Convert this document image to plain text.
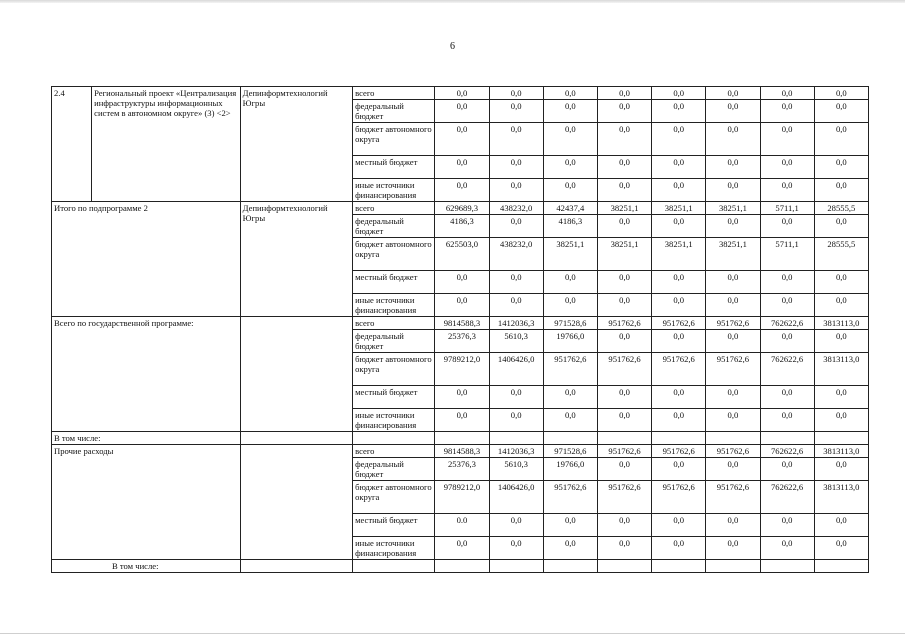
6
2.4	Региональный проект «Централизация инфраструктуры информационных систем в автономном округе» (3) <2>	Депинформтехнологий Югры	всего	0,0	0,0	0,0	0,0	0,0	0,0	0,0	0,0
			федеральный бюджет	0,0	0,0	0,0	0,0	0,0	0,0	0,0	0,0
			бюджет автономного округа	0,0	0,0	0,0	0,0	0,0	0,0	0,0	0,0
			местный бюджет	0,0	0,0	0,0	0,0	0,0	0,0	0,0	0,0
			иные источники финансирования	0,0	0,0	0,0	0,0	0,0	0,0	0,0	0,0
Итого по подпрограмме 2		Депинформтехнологий Югры	всего	629689,3	438232,0	42437,4	38251,1	38251,1	38251,1	5711,1	28555,5
			федеральный бюджет	4186,3	0,0	4186,3	0,0	0,0	0,0	0,0	0,0
			бюджет автономного округа	625503,0	438232,0	38251,1	38251,1	38251,1	38251,1	5711,1	28555,5
			местный бюджет	0,0	0,0	0,0	0,0	0,0	0,0	0,0	0,0
			иные источники финансирования	0,0	0,0	0,0	0,0	0,0	0,0	0,0	0,0
Всего по государственной программе:			всего	9814588,3	1412036,3	971528,6	951762,6	951762,6	951762,6	762622,6	3813113,0
			федеральный бюджет	25376,3	5610,3	19766,0	0,0	0,0	0,0	0,0	0,0
			бюджет автономного округа	9789212,0	1406426,0	951762,6	951762,6	951762,6	951762,6	762622,6	3813113,0
			местный бюджет	0,0	0,0	0,0	0,0	0,0	0,0	0,0	0,0
			иные источники финансирования	0,0	0,0	0,0	0,0	0,0	0,0	0,0	0,0
В том числе:											
Прочие расходы			всего	9814588,3	1412036,3	971528,6	951762,6	951762,6	951762,6	762622,6	3813113,0
			федеральный бюджет	25376,3	5610,3	19766,0	0,0	0,0	0,0	0,0	0,0
			бюджет автономного округа	9789212,0	1406426,0	951762,6	951762,6	951762,6	951762,6	762622,6	3813113,0
			местный бюджет	0.0	0,0	0,0	0,0	0,0	0,0	0,0	0,0
			иные источники финансирования	0,0	0,0	0,0	0,0	0,0	0,0	0,0	0,0
В том числе:											
